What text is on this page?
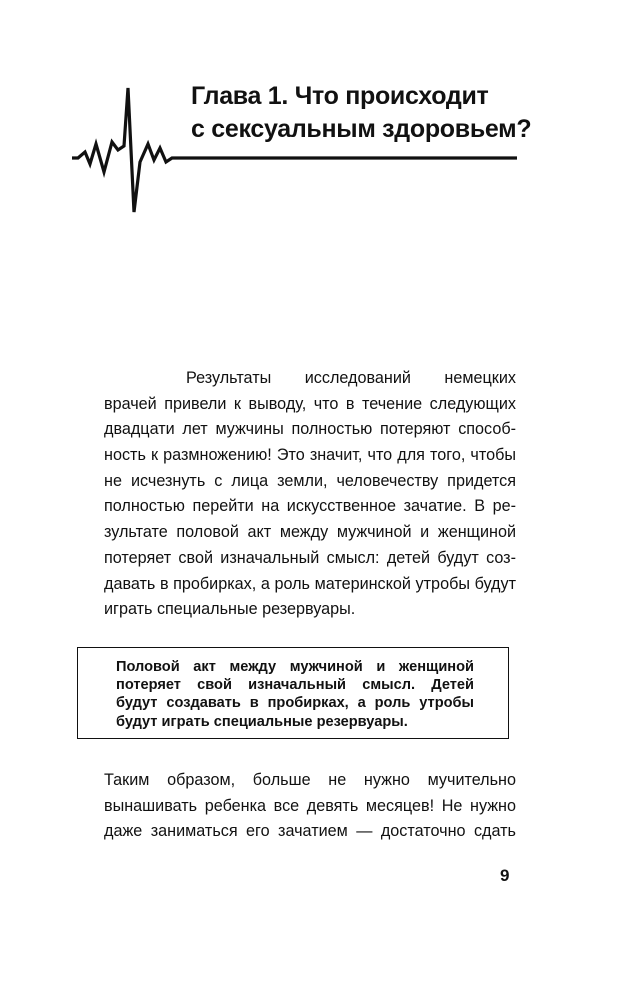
Глава 1. Что происходит
с сексуальным здоровьем?
Результаты исследований немецких
врачей привели к выводу, что в течение следующих
двадцати лет мужчины полностью потеряют способ-
ность к размножению! Это значит, что для того, чтобы
не исчезнуть с лица земли, человечеству придется
полностью перейти на искусственное зачатие. В ре-
зультате половой акт между мужчиной и женщиной
потеряет свой изначальный смысл: детей будут соз-
давать в пробирках, а роль материнской утробы будут
играть специальные резервуары.

Половой акт между мужчиной и женщиной
потеряет свой изначальный смысл. Детей
будут создавать в пробирках, а роль утробы
будут играть специальные резервуары.

Таким образом, больше не нужно мучительно
вынашивать ребенка все девять месяцев! Не нужно
даже заниматься его зачатием — достаточно сдать

9
